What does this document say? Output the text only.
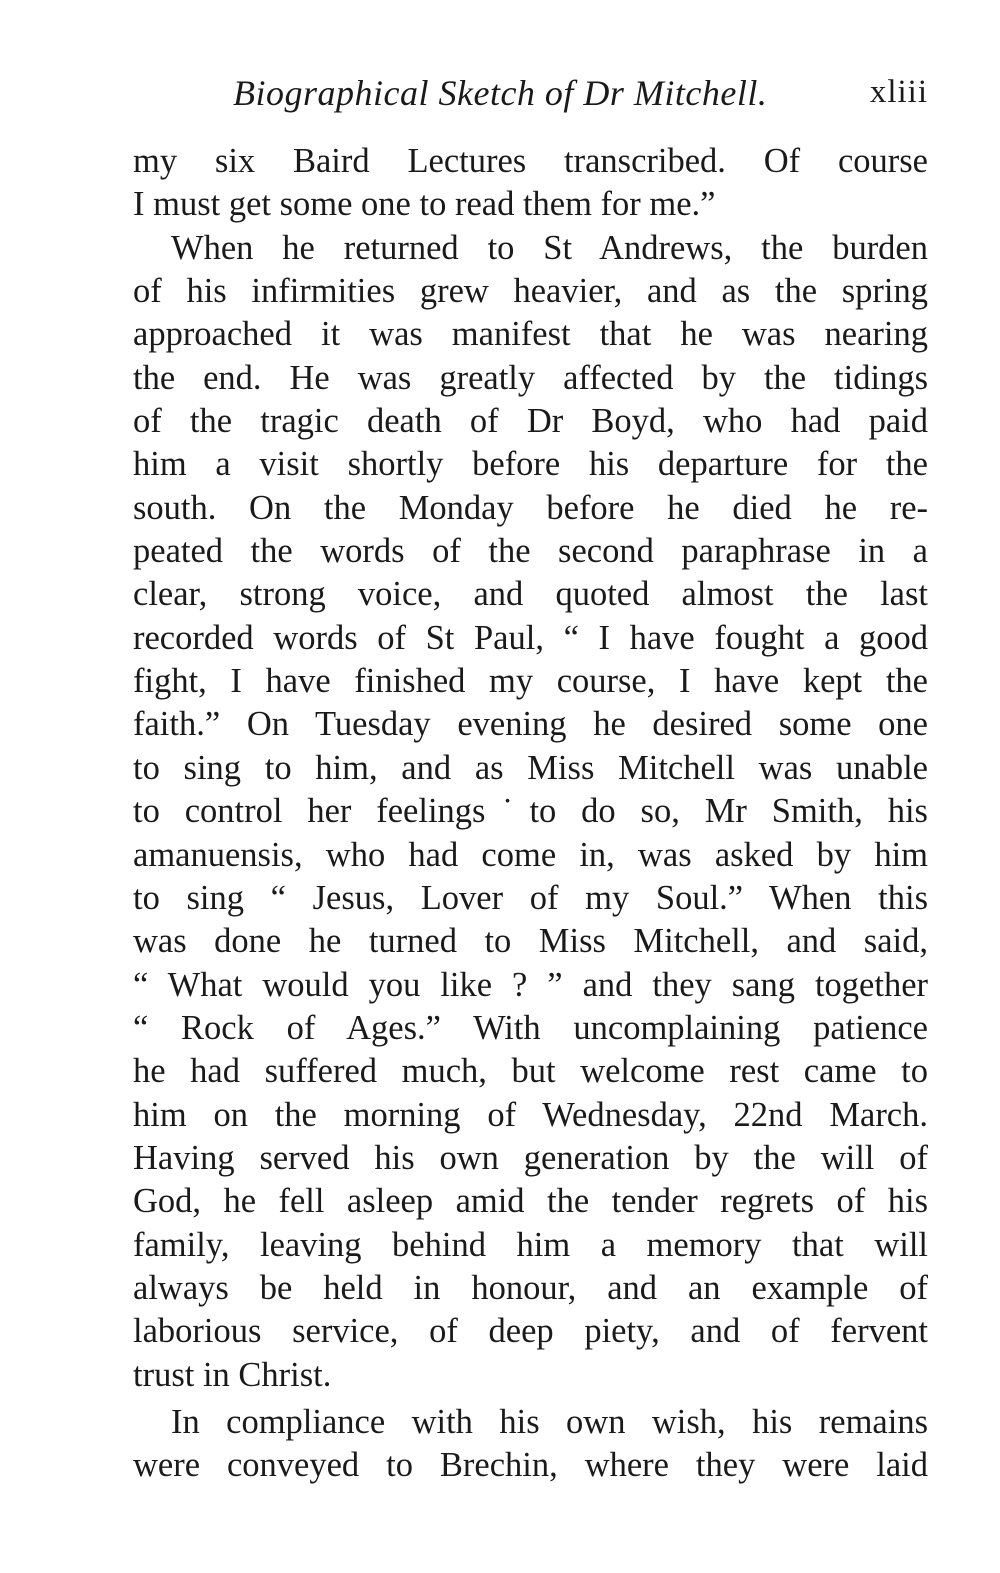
Biographical Sketch of Dr Mitchell.	xliii
my six Baird Lectures transcribed. Of course
I must get some one to read them for me.”
When he returned to St Andrews, the burden
of his infirmities grew heavier, and as the spring
approached it was manifest that he was nearing
the end. He was greatly affected by the tidings
of the tragic death of Dr Boyd, who had paid
him a visit shortly before his departure for the
south. On the Monday before he died he re-
peated the words of the second paraphrase in a
clear, strong voice, and quoted almost the last
recorded words of St Paul, “ I have fought a good
fight, I have finished my course, I have kept the
faith.” On Tuesday evening he desired some one
to sing to him, and as Miss Mitchell was unable
to control her feelings˙to do so, Mr Smith, his
amanuensis, who had come in, was asked by him
to sing “ Jesus, Lover of my Soul.” When this
was done he turned to Miss Mitchell, and said,
“ What would you like ? ” and they sang together
“ Rock of Ages.” With uncomplaining patience
he had suffered much, but welcome rest came to
him on the morning of Wednesday, 22nd March.
Having served his own generation by the will of
God, he fell asleep amid the tender regrets of his
family, leaving behind him a memory that will
always be held in honour, and an example of
laborious service, of deep piety, and of fervent
trust in Christ.
In compliance with his own wish, his remains
were conveyed to Brechin, where they were laid
